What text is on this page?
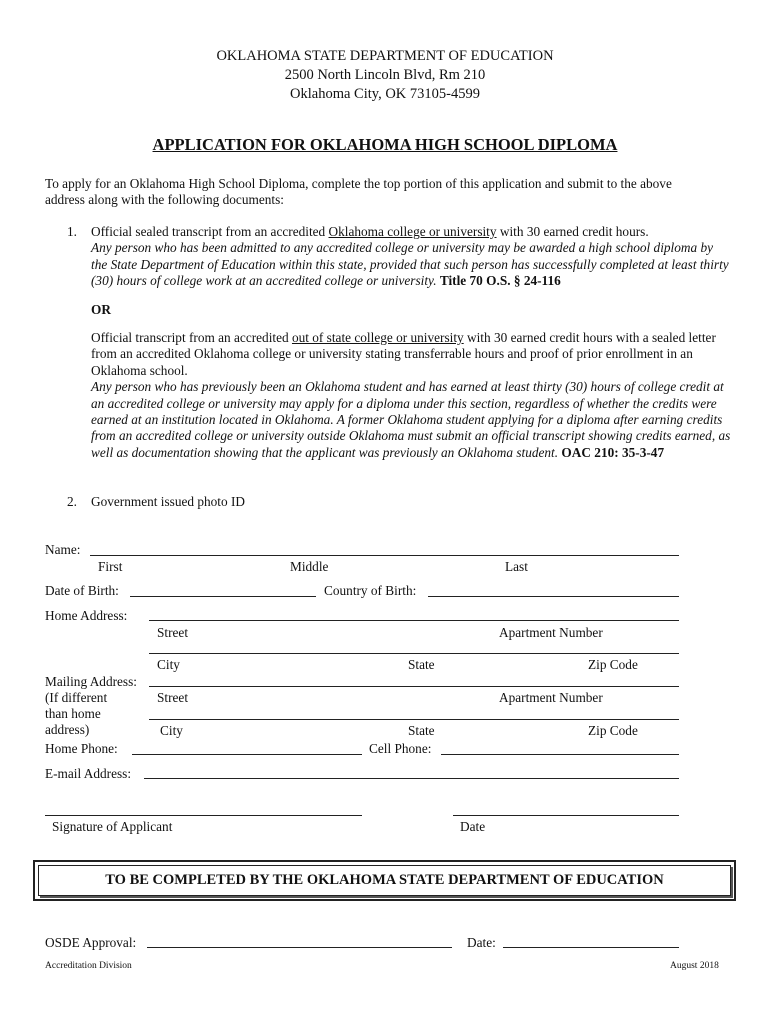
OKLAHOMA STATE DEPARTMENT OF EDUCATION
2500 North Lincoln Blvd, Rm 210
Oklahoma City, OK 73105-4599
APPLICATION FOR OKLAHOMA HIGH SCHOOL DIPLOMA
To apply for an Oklahoma High School Diploma, complete the top portion of this application and submit to the above
address along with the following documents:
1. Official sealed transcript from an accredited Oklahoma college or university with 30 earned credit hours.
Any person who has been admitted to any accredited college or university may be awarded a high school diploma by the State Department of Education within this state, provided that such person has successfully completed at least thirty (30) hours of college work at an accredited college or university. Title 70 O.S. § 24-116
OR
Official transcript from an accredited out of state college or university with 30 earned credit hours with a sealed letter from an accredited Oklahoma college or university stating transferrable hours and proof of prior enrollment in an Oklahoma school.
Any person who has previously been an Oklahoma student and has earned at least thirty (30) hours of college credit at an accredited college or university may apply for a diploma under this section, regardless of whether the credits were earned at an institution located in Oklahoma. A former Oklahoma student applying for a diploma after earning credits from an accredited college or university outside Oklahoma must submit an official transcript showing credits earned, as well as documentation showing that the applicant was previously an Oklahoma student. OAC 210: 35-3-47
2. Government issued photo ID
Name:
First	Middle	Last
Date of Birth:	Country of Birth:
Home Address:
Street	Apartment Number
City	State	Zip Code
Mailing Address:
(If different
than home
address)
Street	Apartment Number
City	State	Zip Code
Home Phone:	Cell Phone:
E-mail Address:
Signature of Applicant	Date
TO BE COMPLETED BY THE OKLAHOMA STATE DEPARTMENT OF EDUCATION
OSDE Approval:	Date:
Accreditation Division	August 2018
